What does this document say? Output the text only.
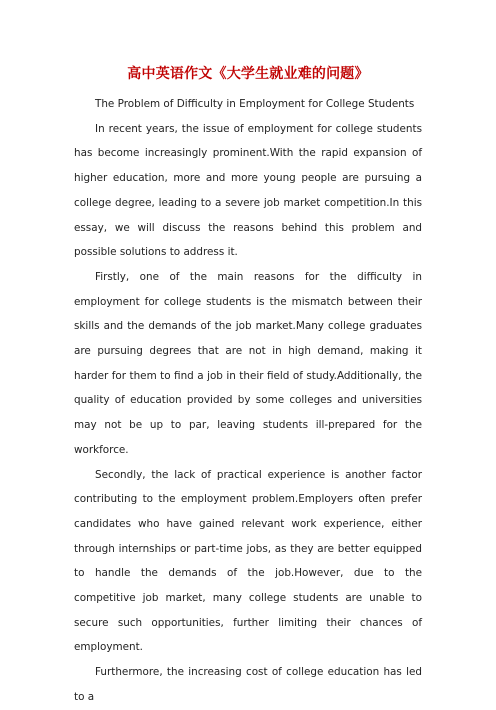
高中英语作文《大学生就业难的问题》

The Problem of Difficulty in Employment for College Students

In recent years, the issue of employment for college students has become increasingly prominent.With the rapid expansion of higher education, more and more young people are pursuing a college degree, leading to a severe job market competition.In this essay, we will discuss the reasons behind this problem and possible solutions to address it.

Firstly, one of the main reasons for the difficulty in employment for college students is the mismatch between their skills and the demands of the job market.Many college graduates are pursuing degrees that are not in high demand, making it harder for them to find a job in their field of study.Additionally, the quality of education provided by some colleges and universities may not be up to par, leaving students ill-prepared for the workforce.

Secondly, the lack of practical experience is another factor contributing to the employment problem.Employers often prefer candidates who have gained relevant work experience, either through internships or part-time jobs, as they are better equipped to handle the demands of the job.However, due to the competitive job market, many college students are unable to secure such opportunities, further limiting their chances of employment.

Furthermore, the increasing cost of college education has led to a
